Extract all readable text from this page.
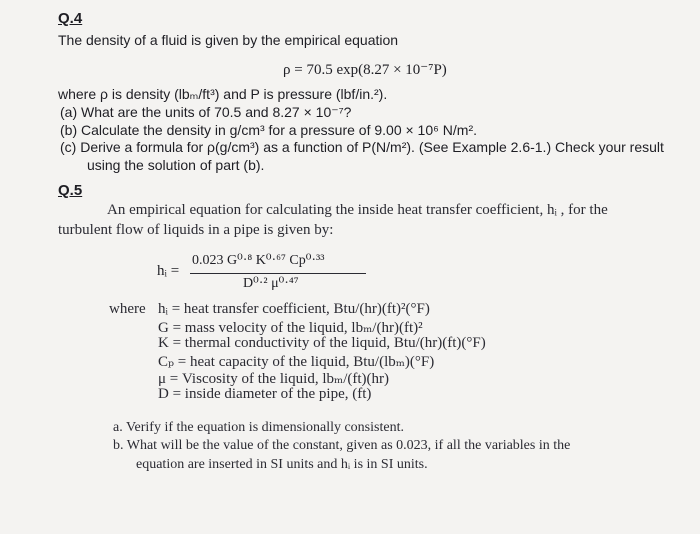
Q.4
The density of a fluid is given by the empirical equation
ρ = 70.5 exp(8.27 × 10⁻⁷P)
where ρ is density (lbₘ/ft³) and P is pressure (lbf/in.²).
(a) What are the units of 70.5 and 8.27 × 10⁻⁷?
(b) Calculate the density in g/cm³ for a pressure of 9.00 × 10⁶ N/m².
(c) Derive a formula for ρ(g/cm³) as a function of P(N/m²). (See Example 2.6-1.) Check your result
using the solution of part (b).
Q.5
An empirical equation for calculating the inside heat transfer coefficient, hᵢ , for the
turbulent flow of liquids in a pipe is given by:
hᵢ =
0.023 G⁰·⁸ K⁰·⁶⁷ Cp⁰·³³
D⁰·² μ⁰·⁴⁷
where hᵢ = heat transfer coefficient, Btu/(hr)(ft)²(°F)
G = mass velocity of the liquid, lbₘ/(hr)(ft)²
K = thermal conductivity of the liquid, Btu/(hr)(ft)(°F)
Cₚ = heat capacity of the liquid, Btu/(lbₘ)(°F)
μ = Viscosity of the liquid, lbₘ/(ft)(hr)
D = inside diameter of the pipe, (ft)
a. Verify if the equation is dimensionally consistent.
b. What will be the value of the constant, given as 0.023, if all the variables in the
equation are inserted in SI units and hᵢ is in SI units.
